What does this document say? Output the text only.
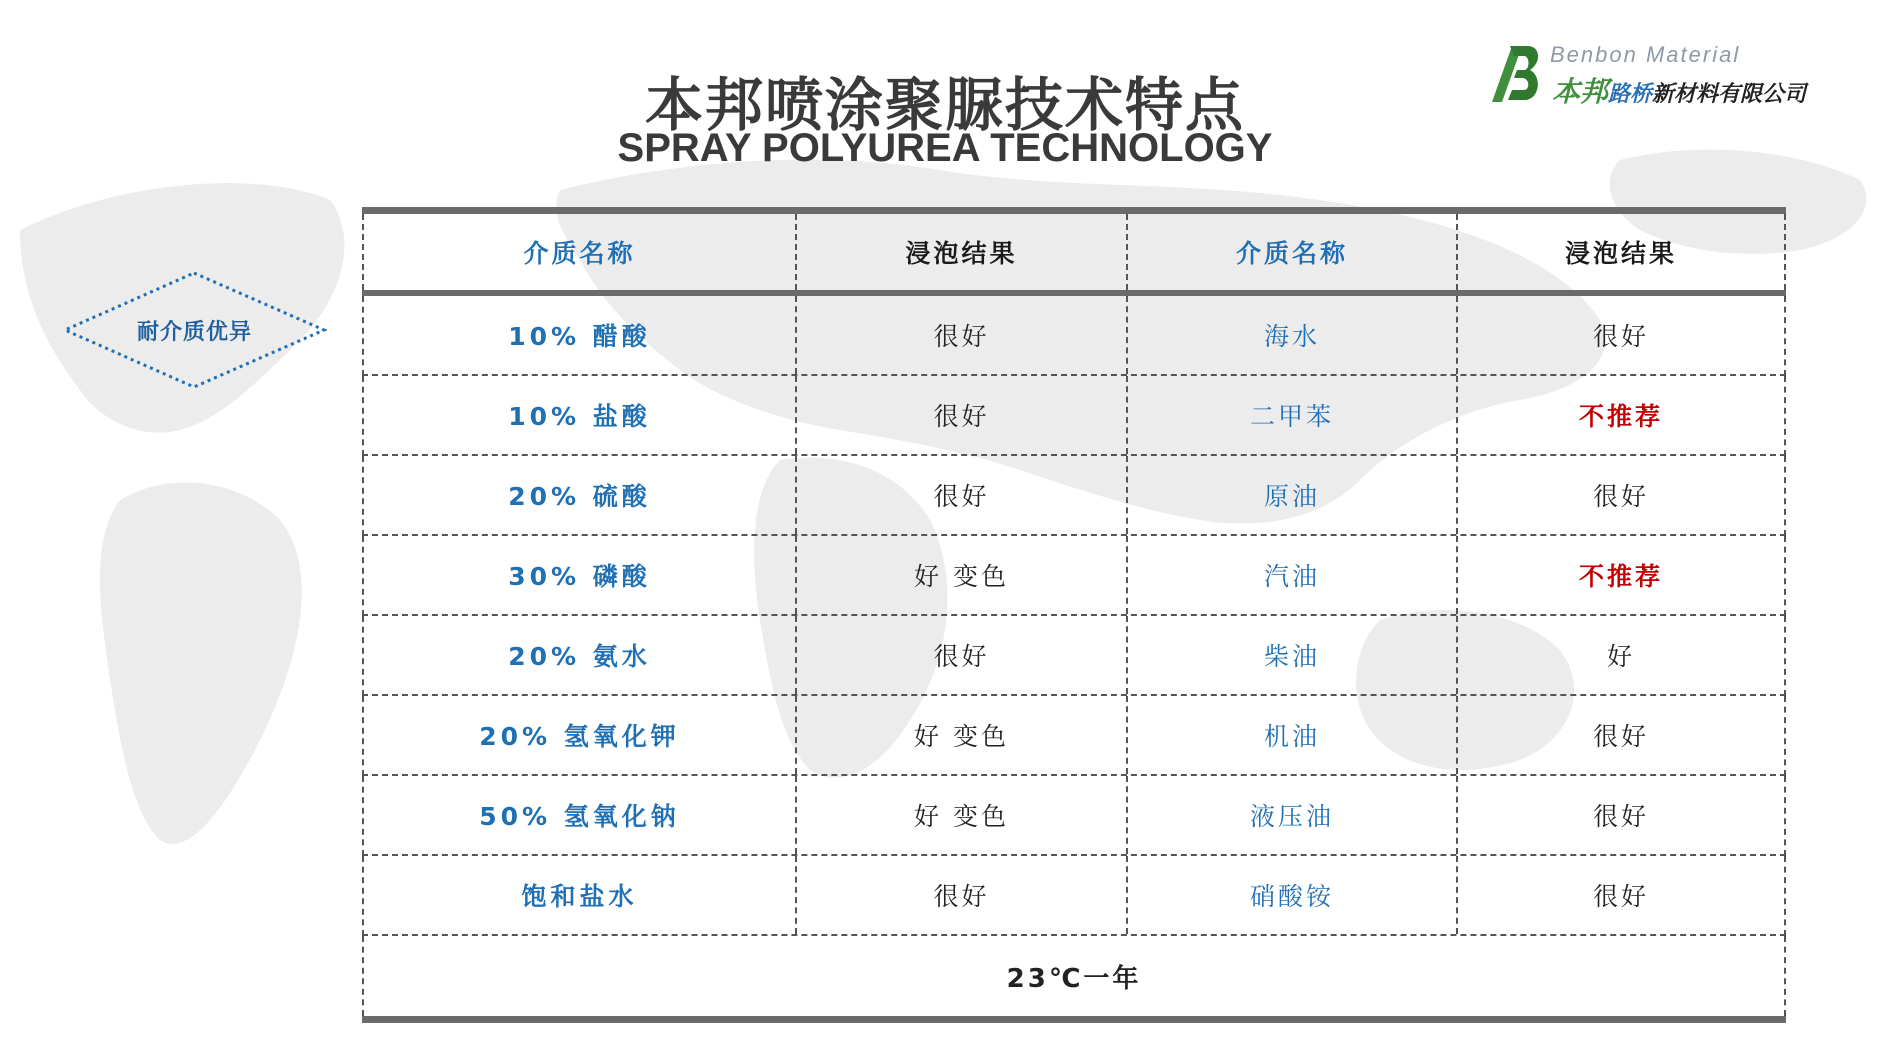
本邦喷涂聚脲技术特点
SPRAY POLYUREA TECHNOLOGY
Benbon Material
本邦路桥新材料有限公司
耐介质优异
介质名称	浸泡结果	介质名称	浸泡结果
10% 醋酸	很好	海水	很好
10% 盐酸	很好	二甲苯	不推荐
20% 硫酸	很好	原油	很好
30% 磷酸	好 变色	汽油	不推荐
20% 氨水	很好	柴油	好
20% 氢氧化钾	好 变色	机油	很好
50% 氢氧化钠	好 变色	液压油	很好
饱和盐水	很好	硝酸铵	很好
23℃一年
